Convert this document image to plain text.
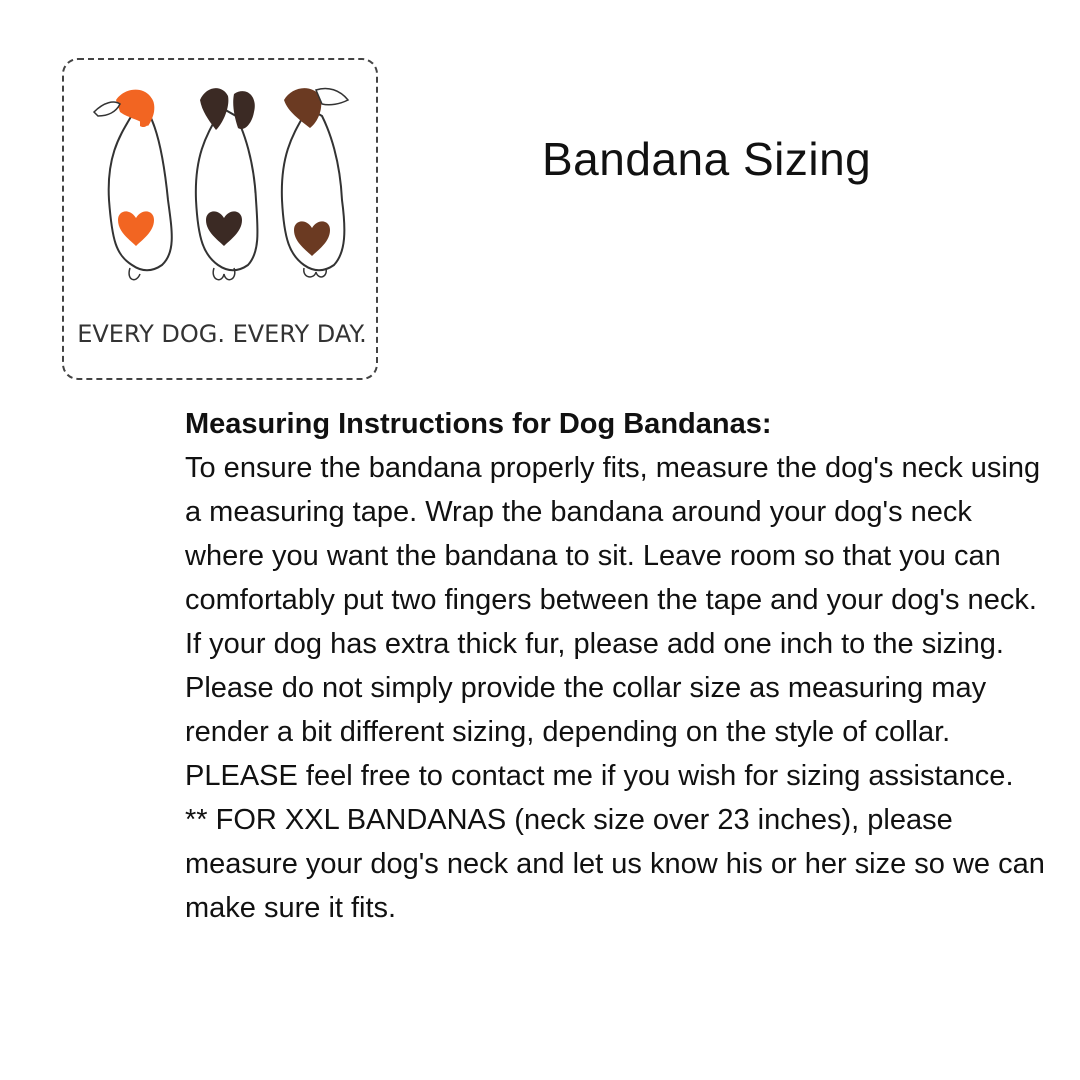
EVERY DOG. EVERY DAY.
Bandana Sizing
Measuring Instructions for Dog Bandanas:
To ensure the bandana properly fits, measure the dog's neck using a measuring tape. Wrap the bandana around your dog's neck where you want the bandana to sit. Leave room so that you can comfortably put two fingers between the tape and your dog's neck. If your dog has extra thick fur, please add one inch to the sizing. Please do not simply provide the collar size as measuring may render a bit different sizing, depending on the style of collar.
PLEASE feel free to contact me if you wish for sizing assistance.
** FOR XXL BANDANAS (neck size over 23 inches), please measure your dog's neck and let us know his or her size so we can make sure it fits.
